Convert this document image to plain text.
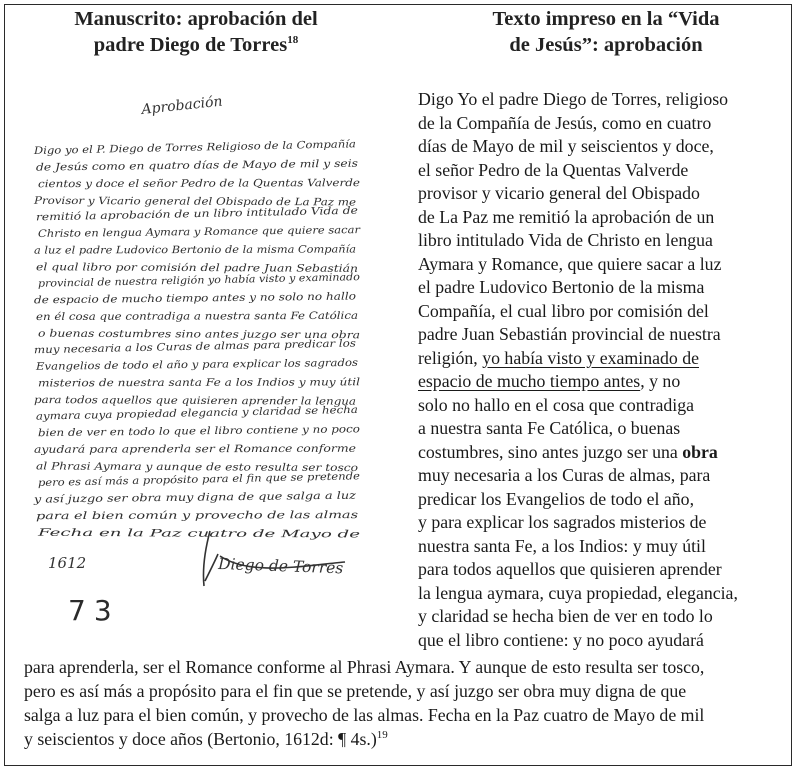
Manuscrito: aprobación del
padre Diego de Torres$^{18}$
Texto impreso en la “Vida
de Jesús”: aprobación
Aprobación
Digo yo el P. Diego de Torres Religioso de la Compañía
de Jesús como en quatro días de Mayo de mil y seis
cientos y doce el señor Pedro de la Quentas Valverde
Provisor y Vicario general del Obispado de La Paz me
remitió la aprobación de un libro intitulado Vida de
Christo en lengua Aymara y Romance que quiere sacar
a luz el padre Ludovico Bertonio de la misma Compañía
el qual libro por comisión del padre Juan Sebastián
provincial de nuestra religión yo había visto y examinado
de espacio de mucho tiempo antes y no solo no hallo
en él cosa que contradiga a nuestra santa Fe Católica
o buenas costumbres sino antes juzgo ser una obra
muy necesaria a los Curas de almas para predicar los
Evangelios de todo el año y para explicar los sagrados
misterios de nuestra santa Fe a los Indios y muy útil
para todos aquellos que quisieren aprender la lengua
aymara cuya propiedad elegancia y claridad se hecha
bien de ver en todo lo que el libro contiene y no poco
ayudará para aprenderla ser el Romance conforme
al Phrasi Aymara y aunque de esto resulta ser tosco
pero es así más a propósito para el fin que se pretende
y así juzgo ser obra muy digna de que salga a luz
para el bien común y provecho de las almas
Fecha en la Paz cuatro de Mayo de
1612	Diego de Torres
73
Digo Yo el padre Diego de Torres, religioso
de la Compañía de Jesús, como en cuatro
días de Mayo de mil y seiscientos y doce,
el señor Pedro de la Quentas Valverde
provisor y vicario general del Obispado
de La Paz me remitió la aprobación de un
libro intitulado Vida de Christo en lengua
Aymara y Romance, que quiere sacar a luz
el padre Ludovico Bertonio de la misma
Compañía, el cual libro por comisión del
padre Juan Sebastián provincial de nuestra
religión, yo había visto y examinado de
espacio de mucho tiempo antes, y no
solo no hallo en el cosa que contradiga
a nuestra santa Fe Católica, o buenas
costumbres, sino antes juzgo ser una obra
muy necesaria a los Curas de almas, para
predicar los Evangelios de todo el año,
y para explicar los sagrados misterios de
nuestra santa Fe, a los Indios: y muy útil
para todos aquellos que quisieren aprender
la lengua aymara, cuya propiedad, elegancia,
y claridad se hecha bien de ver en todo lo
que el libro contiene: y no poco ayudará
para aprenderla, ser el Romance conforme al Phrasi Aymara. Y aunque de esto resulta ser tosco,
pero es así más a propósito para el fin que se pretende, y así juzgo ser obra muy digna de que
salga a luz para el bien común, y provecho de las almas. Fecha en la Paz cuatro de Mayo de mil
y seiscientos y doce años (Bertonio, 1612d: ¶ 4s.)$^{19}$
